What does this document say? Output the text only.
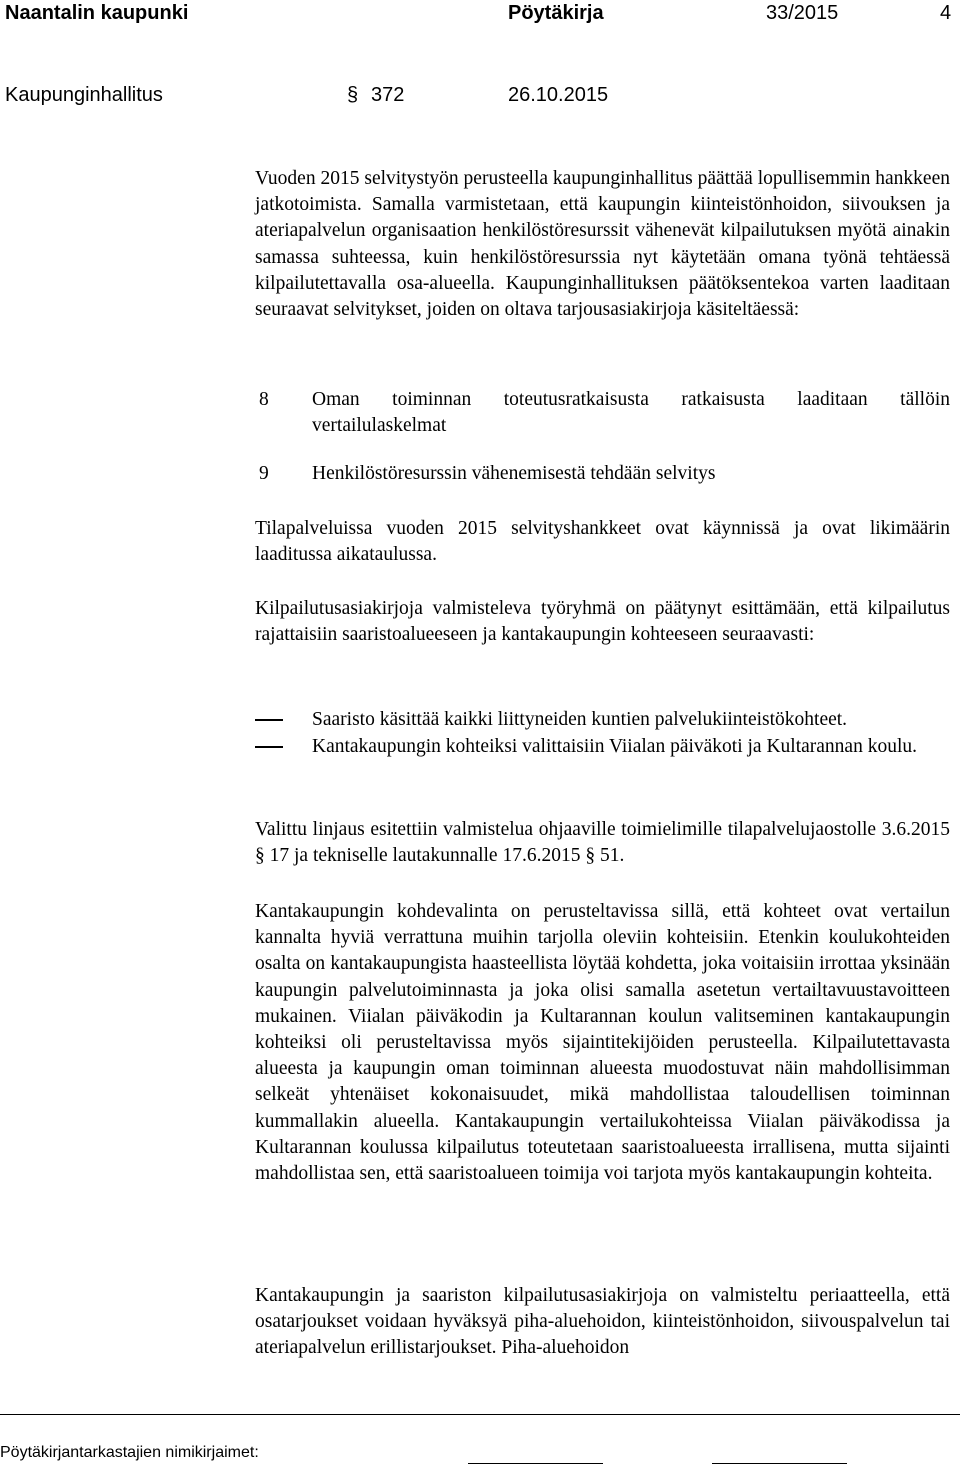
Naantalin kaupunki	Pöytäkirja	33/2015	4
Kaupunginhallitus	§ 372	26.10.2015
Vuoden 2015 selvitystyön perusteella kaupunginhallitus päättää lopullisemmin hankkeen jatkotoimista. Samalla varmistetaan, että kaupungin kiinteistönhoidon, siivouksen ja ateriapalvelun organisaation henkilöstöresurssit vähenevät kilpailutuksen myötä ainakin samassa suhteessa, kuin henkilöstöresurssia nyt käytetään omana työnä tehtäessä kilpailutettavalla osa-alueella. Kaupunginhallituksen päätöksentekoa varten laaditaan seuraavat selvitykset, joiden on oltava tarjousasiakirjoja käsiteltäessä:
8 Oman toiminnan toteutusratkaisusta ratkaisusta laaditaan tällöin vertailulaskelmat
9 Henkilöstöresurssin vähenemisestä tehdään selvitys
Tilapalveluissa vuoden 2015 selvityshankkeet ovat käynnissä ja ovat likimäärin laaditussa aikataulussa.
Kilpailutusasiakirjoja valmisteleva työryhmä on päätynyt esittämään, että kilpailutus rajattaisiin saaristoalueeseen ja kantakaupungin kohteeseen seuraavasti:
Saaristo käsittää kaikki liittyneiden kuntien palvelukiinteistökohteet.
Kantakaupungin kohteiksi valittaisiin Viialan päiväkoti ja Kultarannan koulu.
Valittu linjaus esitettiin valmistelua ohjaaville toimielimille tilapalvelujaostolle 3.6.2015 § 17 ja tekniselle lautakunnalle 17.6.2015 § 51.
Kantakaupungin kohdevalinta on perusteltavissa sillä, että kohteet ovat vertailun kannalta hyviä verrattuna muihin tarjolla oleviin kohteisiin. Etenkin koulukohteiden osalta on kantakaupungista haasteellista löytää kohdetta, joka voitaisiin irrottaa yksinään kaupungin palvelutoiminnasta ja joka olisi samalla asetetun vertailtavuustavoitteen mukainen. Viialan päiväkodin ja Kultarannan koulun valitseminen kantakaupungin kohteiksi oli perusteltavissa myös sijaintitekijöiden perusteella. Kilpailutettavasta alueesta ja kaupungin oman toiminnan alueesta muodostuvat näin mahdollisimman selkeät yhtenäiset kokonaisuudet, mikä mahdollistaa taloudellisen toiminnan kummallakin alueella. Kantakaupungin vertailukohteissa Viialan päiväkodissa ja Kultarannan koulussa kilpailutus toteutetaan saaristoalueesta irrallisena, mutta sijainti mahdollistaa sen, että saaristoalueen toimija voi tarjota myös kantakaupungin kohteita.
Kantakaupungin ja saariston kilpailutusasiakirjoja on valmisteltu periaatteella, että osatarjoukset voidaan hyväksyä piha-aluehoidon, kiinteistönhoidon, siivouspalvelun tai ateriapalvelun erillistarjoukset. Piha-aluehoidon
Pöytäkirjantarkastajien nimikirjaimet:
